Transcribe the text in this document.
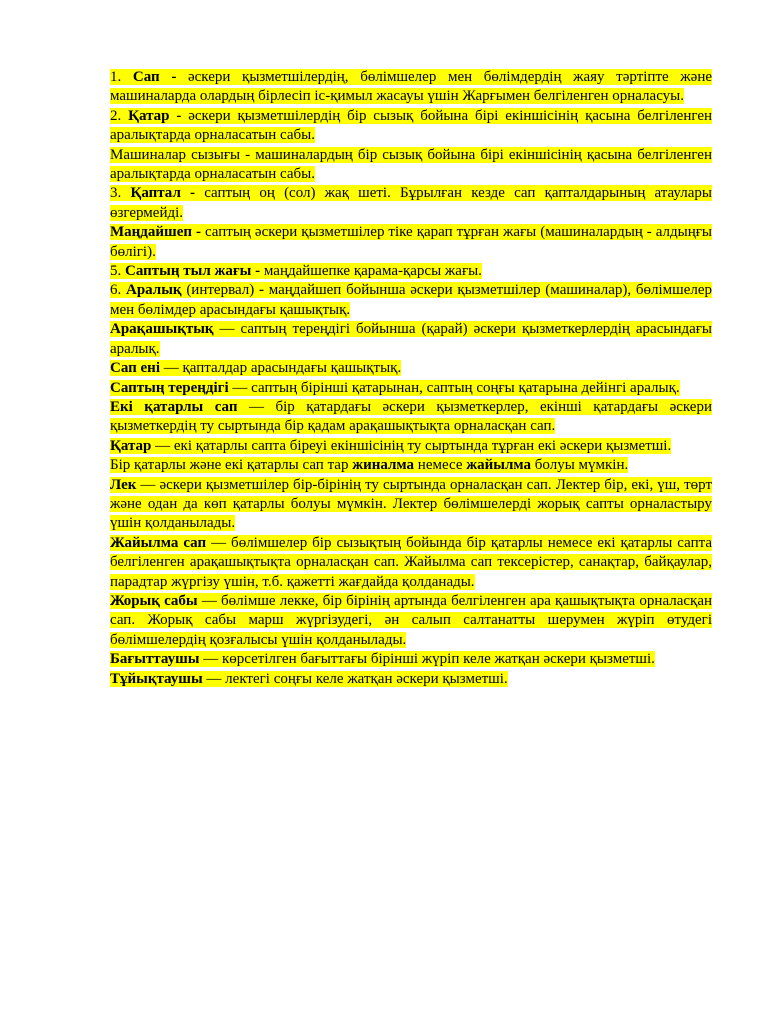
1. Сап - әскери қызметшілердің, бөлімшелер мен бөлімдердің жаяу тәртіпте және машиналарда олардың бірлесіп іс-қимыл жасауы үшін Жарғымен белгіленген орналасуы.

2. Қатар - әскери қызметшілердің бір сызық бойына бірі екіншісінің қасына белгіленген аралықтарда орналасатын сабы.

Машиналар сызығы - машиналардың бір сызық бойына бірі екіншісінің қасына белгіленген аралықтарда орналасатын сабы.

3. Қаптал - саптың оң (сол) жақ шеті. Бұрылған кезде сап қапталдарының атаулары өзгермейді.

Маңдайшеп - саптың әскери қызметшілер тіке қарап тұрған жағы (машиналардың - алдыңғы бөлігі).

5. Саптың тыл жағы - маңдайшепке қарама-қарсы жағы.

6. Аралық (интервал) - маңдайшеп бойынша әскери қызметшілер (машиналар), бөлімшелер мен бөлімдер арасындағы қашықтық.

Арақашықтық — саптың тереңдігі бойынша (қарай) әскери қызметкерлердің арасындағы аралық.

Сап ені — қапталдар арасындағы қашықтық.

Саптың тереңдігі — саптың бірінші қатарынан, саптың соңғы қатарына дейінгі аралық.

Екі қатарлы сап — бір қатардағы әскери қызметкерлер, екінші қатардағы әскери қызметкердің ту сыртында бір қадам арақашықтықта орналасқан сап.

Қатар — екі қатарлы сапта біреуі екіншісінің ту сыртында тұрған екі әскери қызметші.

Бір қатарлы және екі қатарлы сап тар жиналма немесе жайылма болуы мүмкін.

Лек — әскери қызметшілер бір-бірінің ту сыртында орналасқан сап. Лектер бір, екі, үш, төрт және одан да көп қатарлы болуы мүмкін. Лектер бөлімшелерді жорық сапты орналастыру үшін қолданылады.

Жайылма сап — бөлімшелер бір сызықтың бойында бір қатарлы немесе екі қатарлы сапта белгіленген арақашықтықта орналасқан сап. Жайылма сап тексерістер, санақтар, байқаулар, парадтар жүргізу үшін, т.б. қажетті жағдайда қолданады.

Жорық сабы — бөлімше лекке, бір бірінің артында белгіленген ара қашықтықта орналасқан сап. Жорық сабы марш жүргізудегі, ән салып салтанатты шерумен жүріп өтудегі бөлімшелердің қозғалысы үшін қолданылады.

Бағыттаушы — көрсетілген бағыттағы бірінші жүріп келе жатқан әскери қызметші.

Тұйықтаушы — лектегі соңғы келе жатқан әскери қызметші.
